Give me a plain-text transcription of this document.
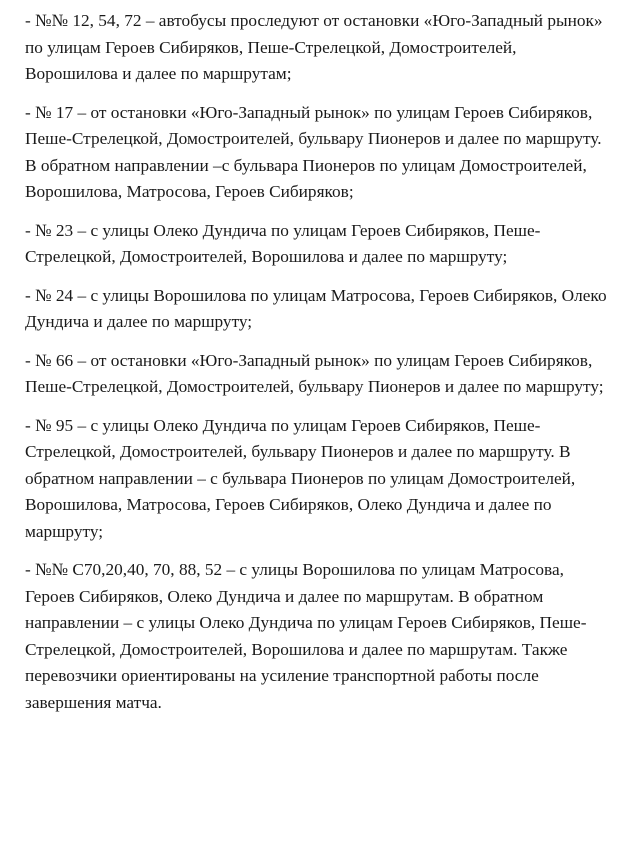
- №№ 12, 54, 72 – автобусы проследуют от остановки «Юго-Западный рынок» по улицам Героев Сибиряков, Пеше-Стрелецкой, Домостроителей, Ворошилова и далее по маршрутам;

- № 17 – от остановки «Юго-Западный рынок» по улицам Героев Сибиряков, Пеше-Стрелецкой, Домостроителей, бульвару Пионеров и далее по маршруту. В обратном направлении –с бульвара Пионеров по улицам Домостроителей, Ворошилова, Матросова, Героев Сибиряков;

- № 23 – с улицы Олеко Дундича по улицам Героев Сибиряков, Пеше-Стрелецкой, Домостроителей, Ворошилова и далее по маршруту;

- № 24 – с улицы Ворошилова по улицам Матросова, Героев Сибиряков, Олеко Дундича и далее по маршруту;

- № 66 – от остановки «Юго-Западный рынок» по улицам Героев Сибиряков, Пеше-Стрелецкой, Домостроителей, бульвару Пионеров и далее по маршруту;

- № 95 – с улицы Олеко Дундича по улицам Героев Сибиряков, Пеше-Стрелецкой, Домостроителей, бульвару Пионеров и далее по маршруту. В обратном направлении – с бульвара Пионеров по улицам Домостроителей, Ворошилова, Матросова, Героев Сибиряков, Олеко Дундича и далее по маршруту;

- №№ С70,20,40, 70, 88, 52 – с улицы Ворошилова по улицам Матросова, Героев Сибиряков, Олеко Дундича и далее по маршрутам. В обратном направлении – с улицы Олеко Дундича по улицам Героев Сибиряков, Пеше-Стрелецкой, Домостроителей, Ворошилова и далее по маршрутам. Также перевозчики ориентированы на усиление транспортной работы после завершения матча.
